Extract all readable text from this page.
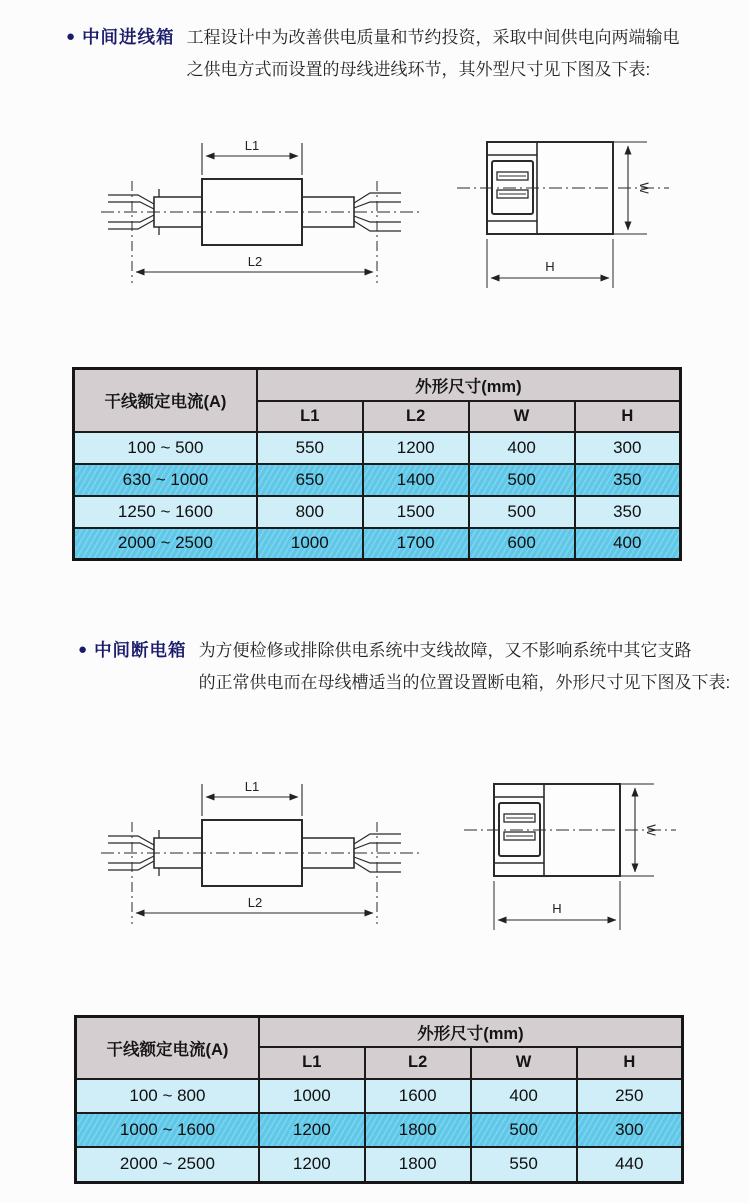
● 中间进线箱 工程设计中为改善供电质量和节约投资，采取中间供电向两端输电
之供电方式而设置的母线进线环节，其外型尺寸见下图及下表:
L1
L2
W
H
干线额定电流(A)	外形尺寸(mm)			
	L1	L2	W	H
100 ~ 500	550	1200	400	300
630 ~ 1000	650	1400	500	350
1250 ~ 1600	800	1500	500	350
2000 ~ 2500	1000	1700	600	400
● 中间断电箱 为方便检修或排除供电系统中支线故障，又不影响系统中其它支路
的正常供电而在母线槽适当的位置设置断电箱，外形尺寸见下图及下表:
L1
L2
W
H
干线额定电流(A)	外形尺寸(mm)			
	L1	L2	W	H
100 ~ 800	1000	1600	400	250
1000 ~ 1600	1200	1800	500	300
2000 ~ 2500	1200	1800	550	440
